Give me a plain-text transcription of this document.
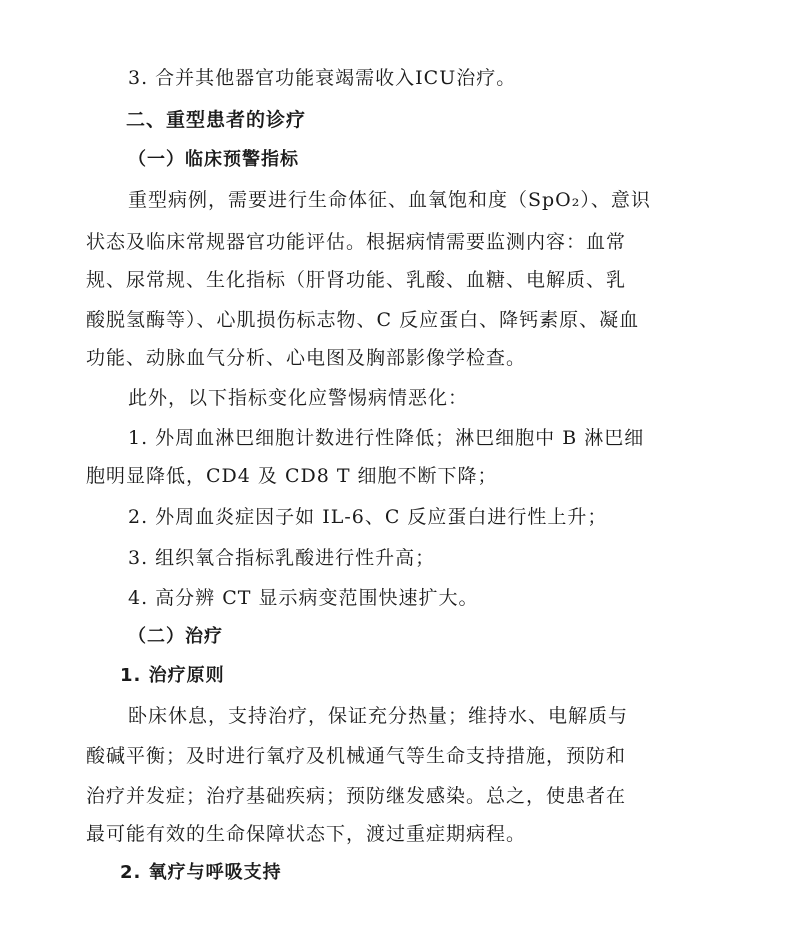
3. 合并其他器官功能衰竭需收入ICU治疗。
二、重型患者的诊疗
（一）临床预警指标
重型病例，需要进行生命体征、血氧饱和度（SpO₂）、意识
状态及临床常规器官功能评估。根据病情需要监测内容：血常
规、尿常规、生化指标（肝肾功能、乳酸、血糖、电解质、乳
酸脱氢酶等）、心肌损伤标志物、C 反应蛋白、降钙素原、凝血
功能、动脉血气分析、心电图及胸部影像学检查。
此外，以下指标变化应警惕病情恶化：
1. 外周血淋巴细胞计数进行性降低；淋巴细胞中 B 淋巴细
胞明显降低，CD4 及 CD8 T 细胞不断下降；
2. 外周血炎症因子如 IL-6、C 反应蛋白进行性上升；
3. 组织氧合指标乳酸进行性升高；
4. 高分辨 CT 显示病变范围快速扩大。
（二）治疗
1. 治疗原则
卧床休息，支持治疗，保证充分热量；维持水、电解质与
酸碱平衡；及时进行氧疗及机械通气等生命支持措施，预防和
治疗并发症；治疗基础疾病；预防继发感染。总之，使患者在
最可能有效的生命保障状态下，渡过重症期病程。
2. 氧疗与呼吸支持
